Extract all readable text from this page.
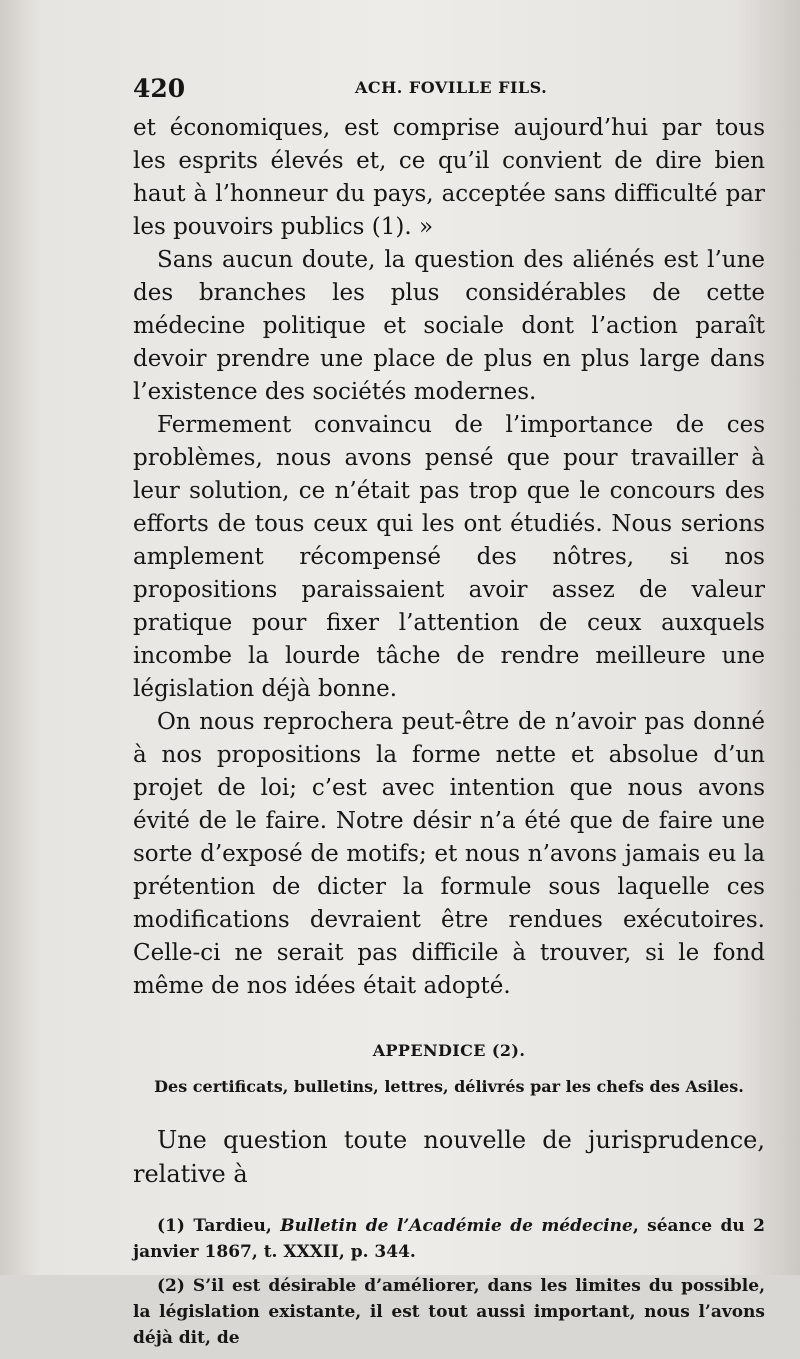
420	ACH. FOVILLE FILS.

et économiques, est comprise aujourd’hui par tous les esprits élevés et, ce qu’il convient de dire bien haut à l’honneur du pays, acceptée sans difficulté par les pouvoirs publics (1). »

Sans aucun doute, la question des aliénés est l’une des branches les plus considérables de cette médecine politique et sociale dont l’action paraît devoir prendre une place de plus en plus large dans l’existence des sociétés modernes.

Fermement convaincu de l’importance de ces problèmes, nous avons pensé que pour travailler à leur solution, ce n’était pas trop que le concours des efforts de tous ceux qui les ont étudiés. Nous serions amplement récompensé des nôtres, si nos propositions paraissaient avoir assez de valeur pratique pour fixer l’attention de ceux auxquels incombe la lourde tâche de rendre meilleure une législation déjà bonne.

On nous reprochera peut-être de n’avoir pas donné à nos propositions la forme nette et absolue d’un projet de loi; c’est avec intention que nous avons évité de le faire. Notre désir n’a été que de faire une sorte d’exposé de motifs; et nous n’avons jamais eu la prétention de dicter la formule sous laquelle ces modifications devraient être rendues exécutoires. Celle-ci ne serait pas difficile à trouver, si le fond même de nos idées était adopté.

APPENDICE (2).
Des certificats, bulletins, lettres, délivrés par les chefs des Asiles.

Une question toute nouvelle de jurisprudence, relative à

(1) Tardieu, Bulletin de l’Académie de médecine, séance du 2 janvier 1867, t. XXXII, p. 344.

(2) S’il est désirable d’améliorer, dans les limites du possible, la législation existante, il est tout aussi important, nous l’avons déjà dit, de
